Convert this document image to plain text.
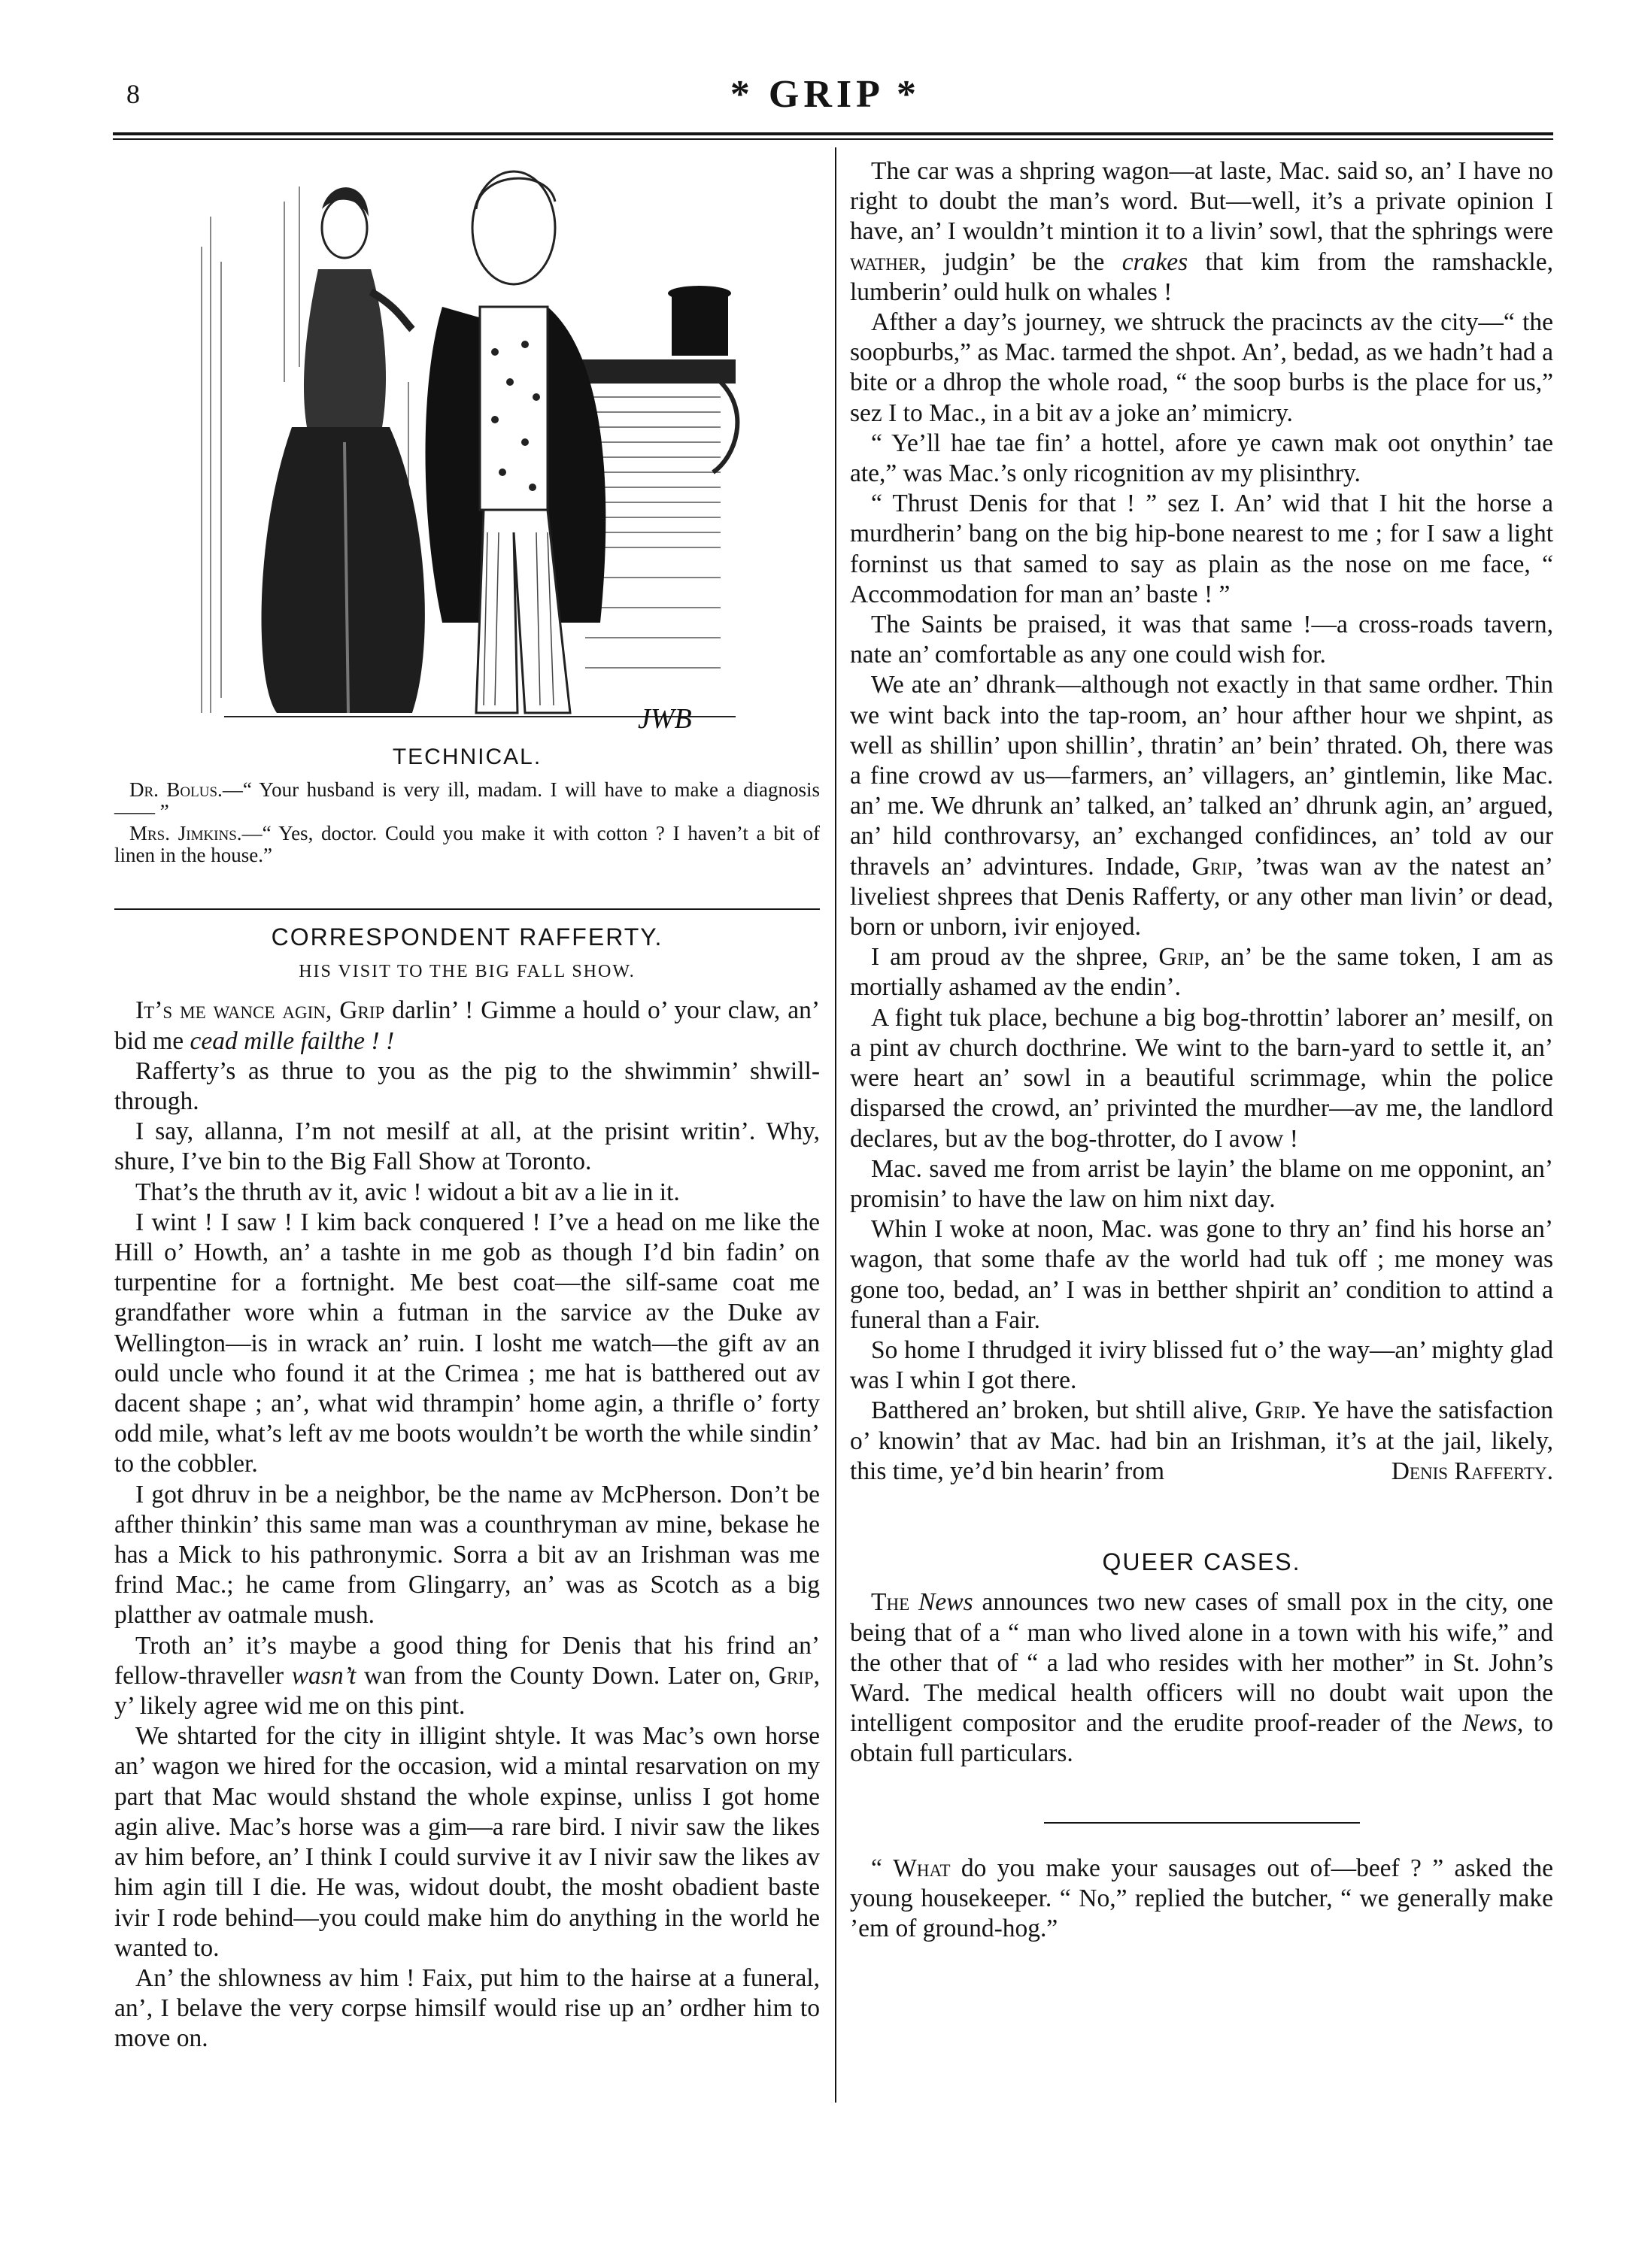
8	* GRIP *
JWB
TECHNICAL.

Dr. Bolus.—“ Your husband is very ill, madam. I will have to make a diagnosis —— ”

Mrs. Jimkins.—“ Yes, doctor. Could you make it with cotton ? I haven’t a bit of linen in the house.”

CORRESPONDENT RAFFERTY.
HIS VISIT TO THE BIG FALL SHOW.

It’s me wance agin, Grip darlin’ ! Gimme a hould o’ your claw, an’ bid me cead mille failthe ! !

Rafferty’s as thrue to you as the pig to the shwimmin’ shwill-through.

I say, allanna, I’m not mesilf at all, at the prisint writin’. Why, shure, I’ve bin to the Big Fall Show at Toronto.

That’s the thruth av it, avic ! widout a bit av a lie in it.

I wint ! I saw ! I kim back conquered ! I’ve a head on me like the Hill o’ Howth, an’ a tashte in me gob as though I’d bin fadin’ on turpentine for a fortnight. Me best coat—the silf-same coat me grandfather wore whin a futman in the sarvice av the Duke av Wellington—is in wrack an’ ruin. I losht me watch—the gift av an ould uncle who found it at the Crimea ; me hat is batthered out av dacent shape ; an’, what wid thrampin’ home agin, a thrifle o’ forty odd mile, what’s left av me boots wouldn’t be worth the while sindin’ to the cobbler.

I got dhruv in be a neighbor, be the name av McPherson. Don’t be afther thinkin’ this same man was a counthryman av mine, bekase he has a Mick to his pathronymic. Sorra a bit av an Irishman was me frind Mac.; he came from Glingarry, an’ was as Scotch as a big platther av oatmale mush.

Troth an’ it’s maybe a good thing for Denis that his frind an’ fellow-thraveller wasn’t wan from the County Down. Later on, Grip, y’ likely agree wid me on this pint.

We shtarted for the city in illigint shtyle. It was Mac’s own horse an’ wagon we hired for the occasion, wid a mintal resarvation on my part that Mac would shstand the whole expinse, unliss I got home agin alive. Mac’s horse was a gim—a rare bird. I nivir saw the likes av him before, an’ I think I could survive it av I nivir saw the likes av him agin till I die. He was, widout doubt, the mosht obadient baste ivir I rode behind—you could make him do anything in the world he wanted to.

An’ the shlowness av him ! Faix, put him to the hairse at a funeral, an’, I belave the very corpse himsilf would rise up an’ ordher him to move on.

The car was a shpring wagon—at laste, Mac. said so, an’ I have no right to doubt the man’s word. But—well, it’s a private opinion I have, an’ I wouldn’t mintion it to a livin’ sowl, that the sphrings were wather, judgin’ be the crakes that kim from the ramshackle, lumberin’ ould hulk on whales !

Afther a day’s journey, we shtruck the pracincts av the city—“ the soopburbs,” as Mac. tarmed the shpot. An’, bedad, as we hadn’t had a bite or a dhrop the whole road, “ the soop burbs is the place for us,” sez I to Mac., in a bit av a joke an’ mimicry.

“ Ye’ll hae tae fin’ a hottel, afore ye cawn mak oot onythin’ tae ate,” was Mac.’s only ricognition av my plisinthry.

“ Thrust Denis for that ! ” sez I. An’ wid that I hit the horse a murdherin’ bang on the big hip-bone nearest to me ; for I saw a light forninst us that samed to say as plain as the nose on me face, “ Accommodation for man an’ baste ! ”

The Saints be praised, it was that same !—a cross-roads tavern, nate an’ comfortable as any one could wish for.

We ate an’ dhrank—although not exactly in that same ordher. Thin we wint back into the tap-room, an’ hour afther hour we shpint, as well as shillin’ upon shillin’, thratin’ an’ bein’ thrated. Oh, there was a fine crowd av us—farmers, an’ villagers, an’ gintlemin, like Mac. an’ me. We dhrunk an’ talked, an’ talked an’ dhrunk agin, an’ argued, an’ hild conthrovarsy, an’ exchanged confidinces, an’ told av our thravels an’ advintures. Indade, Grip, ’twas wan av the natest an’ liveliest shprees that Denis Rafferty, or any other man livin’ or dead, born or unborn, ivir enjoyed.

I am proud av the shpree, Grip, an’ be the same token, I am as mortially ashamed av the endin’.

A fight tuk place, bechune a big bog-throttin’ laborer an’ mesilf, on a pint av church docthrine. We wint to the barn-yard to settle it, an’ were heart an’ sowl in a beautiful scrimmage, whin the police disparsed the crowd, an’ privinted the murdher—av me, the landlord declares, but av the bog-throtter, do I avow !

Mac. saved me from arrist be layin’ the blame on me opponint, an’ promisin’ to have the law on him nixt day.

Whin I woke at noon, Mac. was gone to thry an’ find his horse an’ wagon, that some thafe av the world had tuk off ; me money was gone too, bedad, an’ I was in betther shpirit an’ condition to attind a funeral than a Fair.

So home I thrudged it iviry blissed fut o’ the way—an’ mighty glad was I whin I got there.

Batthered an’ broken, but shtill alive, Grip. Ye have the satisfaction o’ knowin’ that av Mac. had bin an Irishman, it’s at the jail, likely, this time, ye’d bin hearin’ from	Denis Rafferty.

QUEER CASES.

The News announces two new cases of small pox in the city, one being that of a “ man who lived alone in a town with his wife,” and the other that of “ a lad who resides with her mother” in St. John’s Ward. The medical health officers will no doubt wait upon the intelligent compositor and the erudite proof-reader of the News, to obtain full particulars.

“ What do you make your sausages out of—beef ? ” asked the young housekeeper. “ No,” replied the butcher, “ we generally make ’em of ground-hog.”
